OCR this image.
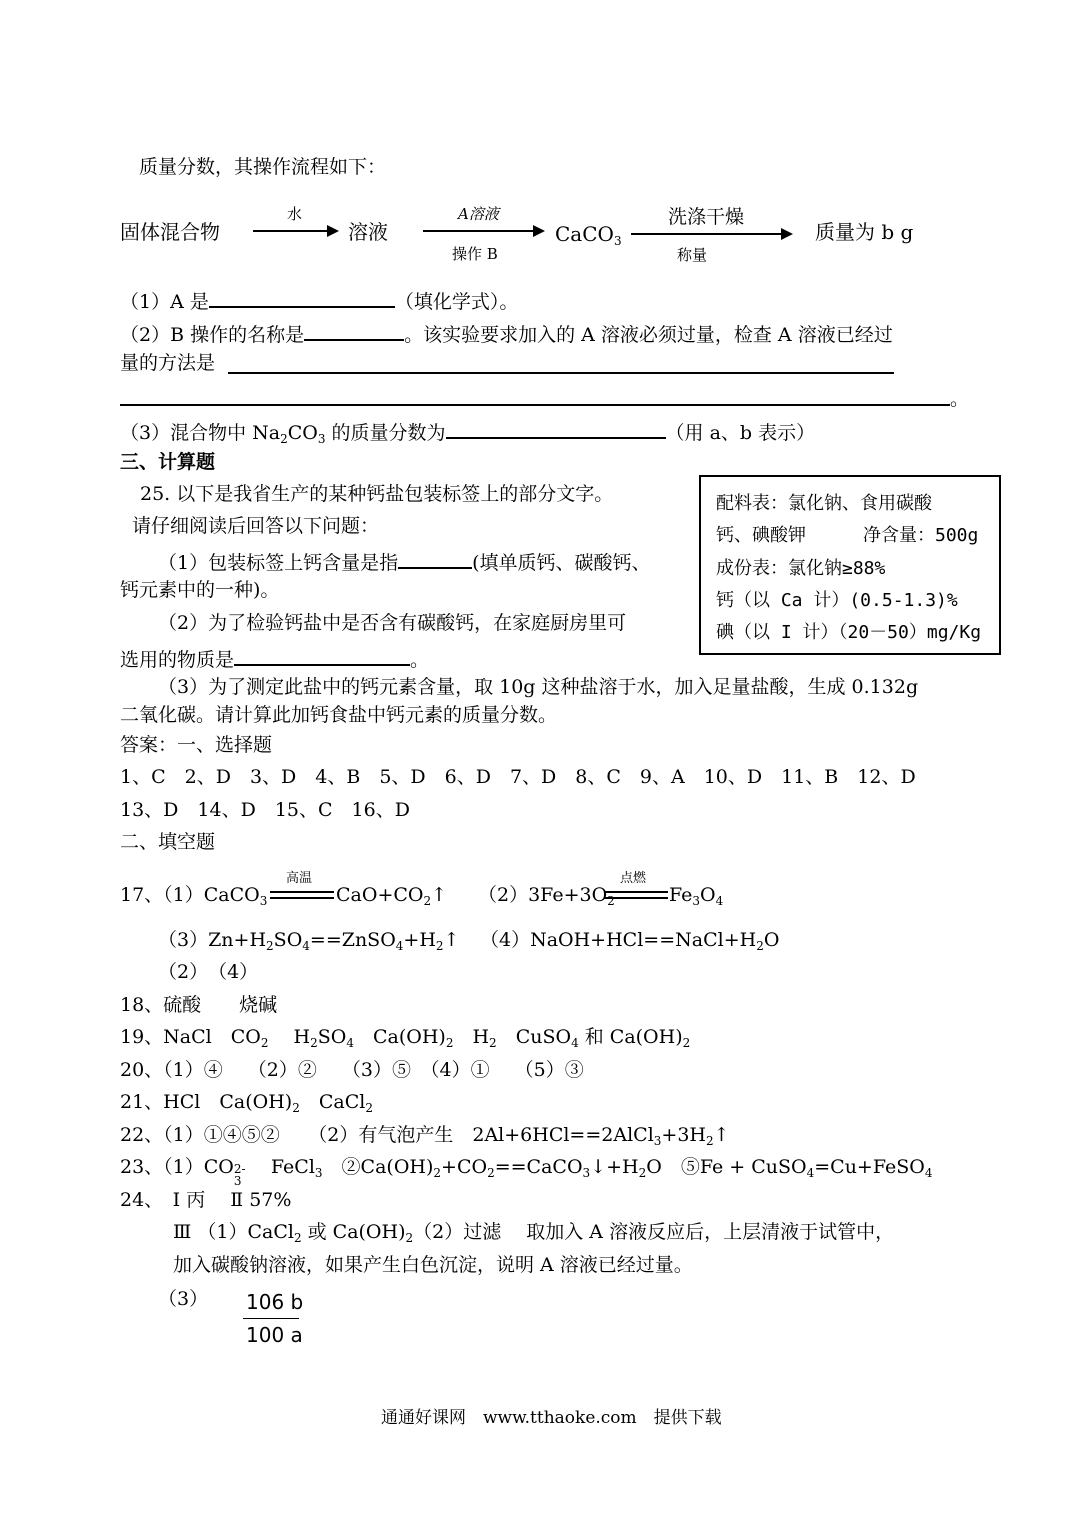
质量分数，其操作流程如下：
固体混合物
水
溶液
A溶液
操作 B
CaCO$_3$
洗涤干燥
称量
质量为 b g
（1）A 是	（填化学式）。
（2）B 操作的名称是	。该实验要求加入的 A 溶液必须过量，检查 A 溶液已经过
量的方法是
。
（3）混合物中 $Na_2CO_3$ 的质量分数为	（用 a、b 表示）
三、计算题
25. 以下是我省生产的某种钙盐包装标签上的部分文字。
请仔细阅读后回答以下问题：
（1）包装标签上钙含量是指	(填单质钙、碳酸钙、
钙元素中的一种)。
（2）为了检验钙盐中是否含有碳酸钙，在家庭厨房里可
选用的物质是	。
（3）为了测定此盐中的钙元素含量，取 10g 这种盐溶于水，加入足量盐酸，生成 0.132g
二氧化碳。请计算此加钙食盐中钙元素的质量分数。
配料表：氯化钠、食用碳酸
钙、碘酸钾	净含量：500g
成份表：氯化钠≥88%
钙（以 Ca 计）(0.5-1.3)%
碘（以 I 计）（20－50）mg/Kg
答案：一、选择题
1、C　2、D　3、D　4、B　5、D　6、D　7、D　8、C　9、A　10、D　11、B　12、D
13、D　14、D　15、C　16、D
二、填空题
17、（1）CaCO$_3$
高温
$CaO+CO_2↑$ $(2)3Fe+3O_2$
点燃
$Fe_3O_4$
$(3)Zn+H_2SO_4==ZnSO_4+H_2↑$ $(4)NaOH+HCl==NaCl+H_2O$
（2）　（4）
18、硫酸　　烧碱
19、NaCl　$CO_2$　 $H_2SO_4$　$Ca(OH)_2$　$H_2$　CuSO$_4$ 和 $Ca(OH)_2$
20、（1）④　 （2）②　 （3）⑤　（4）①　 （5）③
21、HCl　$Ca(OH)_2$　CaCl$_2$
22、（1）①④⑤②　　（2）有气泡产生　$2Al+6HCl==2AlCl_3+3H_2↑$
23、（1）CO 2-
3
　FeCl$_3$　$②Ca(OH)_2+CO_2==CaCO_3↓+H_2O$　⑤Fe + CuSO$_4$=Cu+FeSO$_4$
24、　Ⅰ 丙　 Ⅱ 57%
Ⅲ （1）CaCl$_2$ 或 $Ca(OH)_2(2)$过滤　 取加入 A 溶液反应后，上层清液于试管中，
加入碳酸钠溶液，如果产生白色沉淀，说明 A 溶液已经过量。
（3） 106 b
100 a
通通好课网　www.tthaoke.com　提供下载
